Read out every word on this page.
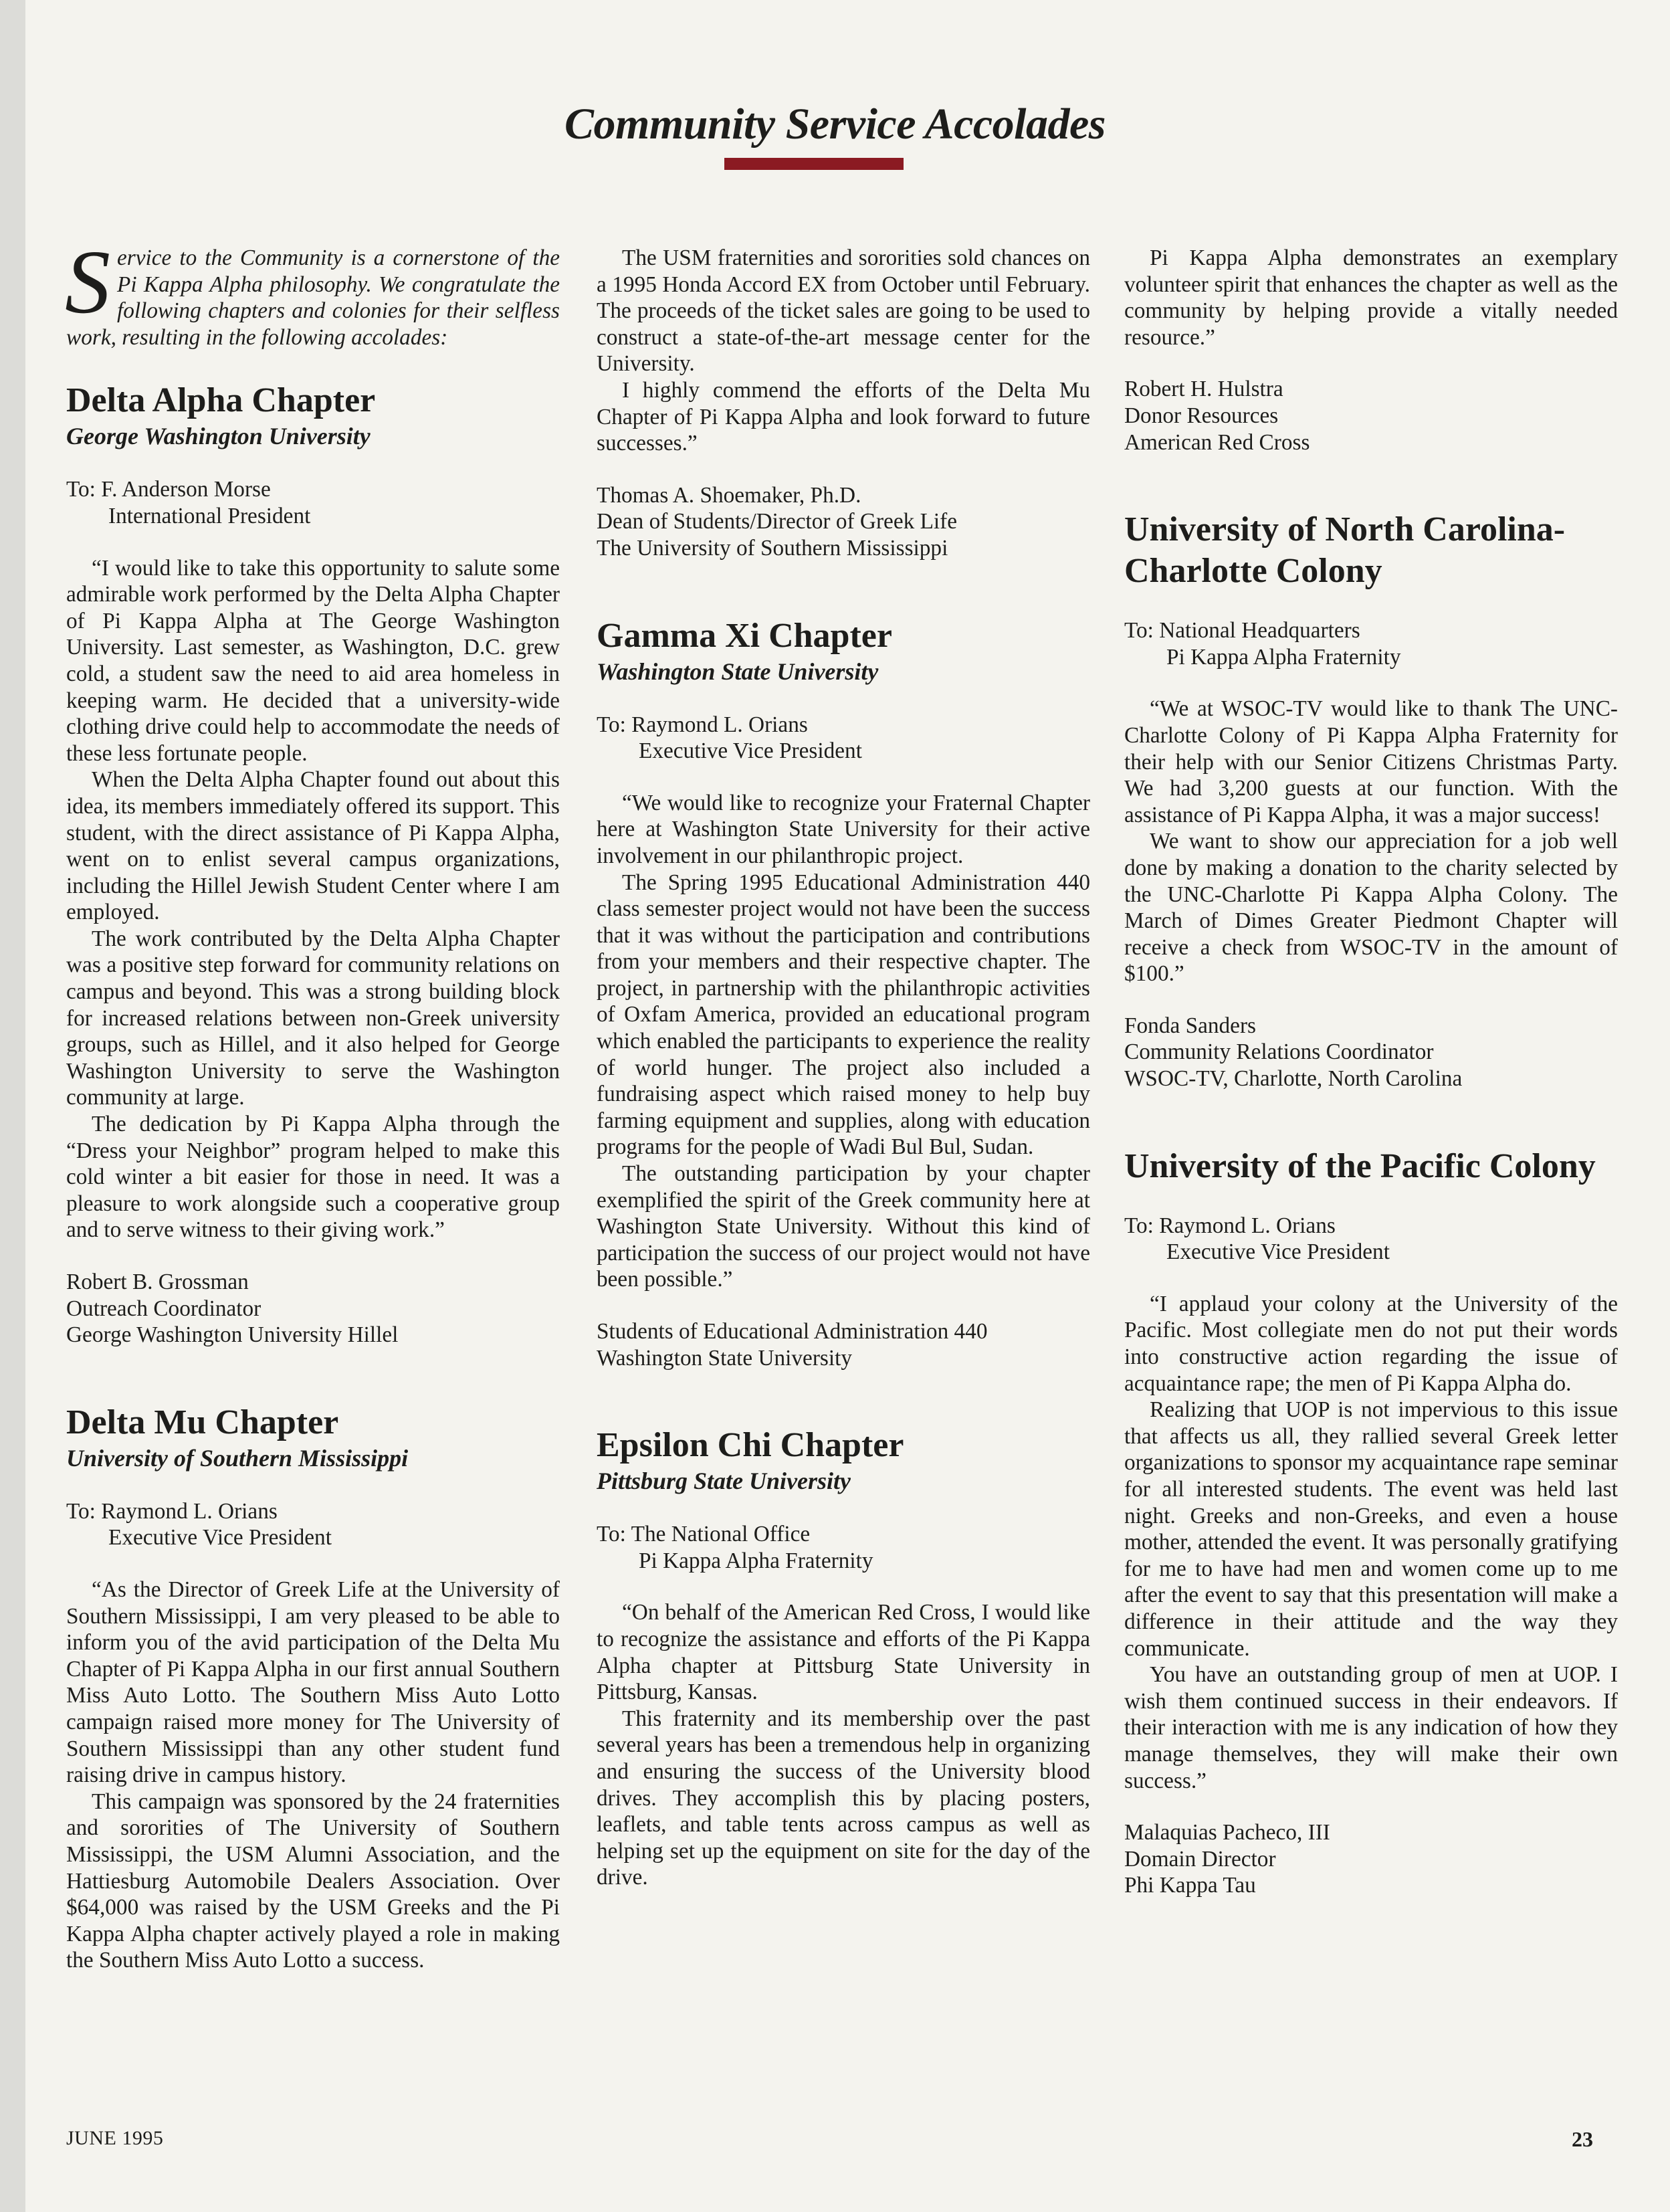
Community Service Accolades

Service to the Community is a cornerstone of the Pi Kappa Alpha philosophy. We congratulate the following chapters and colonies for their selfless work, resulting in the following accolades:

Delta Alpha Chapter

George Washington University

To: F. Anderson Morse
International President

“I would like to take this opportunity to salute some admirable work performed by the Delta Alpha Chapter of Pi Kappa Alpha at The George Washington University. Last semester, as Washington, D.C. grew cold, a student saw the need to aid area homeless in keeping warm. He decided that a university-wide clothing drive could help to accommodate the needs of these less fortunate people.

When the Delta Alpha Chapter found out about this idea, its members immediately offered its support. This student, with the direct assistance of Pi Kappa Alpha, went on to enlist several campus organizations, including the Hillel Jewish Student Center where I am employed.

The work contributed by the Delta Alpha Chapter was a positive step forward for community relations on campus and beyond. This was a strong building block for increased relations between non-Greek university groups, such as Hillel, and it also helped for George Washington University to serve the Washington community at large.

The dedication by Pi Kappa Alpha through the “Dress your Neighbor” program helped to make this cold winter a bit easier for those in need. It was a pleasure to work alongside such a cooperative group and to serve witness to their giving work.”

Robert B. Grossman
Outreach Coordinator
George Washington University Hillel
Delta Mu Chapter

University of Southern Mississippi

To: Raymond L. Orians
Executive Vice President

“As the Director of Greek Life at the University of Southern Mississippi, I am very pleased to be able to inform you of the avid participation of the Delta Mu Chapter of Pi Kappa Alpha in our first annual Southern Miss Auto Lotto. The Southern Miss Auto Lotto campaign raised more money for The University of Southern Mississippi than any other student fund raising drive in campus history.

This campaign was sponsored by the 24 fraternities and sororities of The University of Southern Mississippi, the USM Alumni Association, and the Hattiesburg Automobile Dealers Association. Over $64,000 was raised by the USM Greeks and the Pi Kappa Alpha chapter actively played a role in making the Southern Miss Auto Lotto a success.

The USM fraternities and sororities sold chances on a 1995 Honda Accord EX from October until February. The proceeds of the ticket sales are going to be used to construct a state-of-the-art message center for the University.

I highly commend the efforts of the Delta Mu Chapter of Pi Kappa Alpha and look forward to future successes.”

Thomas A. Shoemaker, Ph.D.
Dean of Students/Director of Greek Life
The University of Southern Mississippi
Gamma Xi Chapter

Washington State University

To: Raymond L. Orians
Executive Vice President

“We would like to recognize your Fraternal Chapter here at Washington State University for their active involvement in our philanthropic project.

The Spring 1995 Educational Administration 440 class semester project would not have been the success that it was without the participation and contributions from your members and their respective chapter. The project, in partnership with the philanthropic activities of Oxfam America, provided an educational program which enabled the participants to experience the reality of world hunger. The project also included a fundraising aspect which raised money to help buy farming equipment and supplies, along with education programs for the people of Wadi Bul Bul, Sudan.

The outstanding participation by your chapter exemplified the spirit of the Greek community here at Washington State University. Without this kind of participation the success of our project would not have been possible.”

Students of Educational Administration 440
Washington State University
Epsilon Chi Chapter

Pittsburg State University

To: The National Office
Pi Kappa Alpha Fraternity

“On behalf of the American Red Cross, I would like to recognize the assistance and efforts of the Pi Kappa Alpha chapter at Pittsburg State University in Pittsburg, Kansas.

This fraternity and its membership over the past several years has been a tremendous help in organizing and ensuring the success of the University blood drives. They accomplish this by placing posters, leaflets, and table tents across campus as well as helping set up the equipment on site for the day of the drive.

Pi Kappa Alpha demonstrates an exemplary volunteer spirit that enhances the chapter as well as the community by helping provide a vitally needed resource.”

Robert H. Hulstra
Donor Resources
American Red Cross
University of North Carolina-Charlotte Colony
To: National Headquarters
Pi Kappa Alpha Fraternity

“We at WSOC-TV would like to thank The UNC-Charlotte Colony of Pi Kappa Alpha Fraternity for their help with our Senior Citizens Christmas Party. We had 3,200 guests at our function. With the assistance of Pi Kappa Alpha, it was a major success!

We want to show our appreciation for a job well done by making a donation to the charity selected by the UNC-Charlotte Pi Kappa Alpha Colony. The March of Dimes Greater Piedmont Chapter will receive a check from WSOC-TV in the amount of $100.”

Fonda Sanders
Community Relations Coordinator
WSOC-TV, Charlotte, North Carolina
University of the Pacific Colony
To: Raymond L. Orians
Executive Vice President

“I applaud your colony at the University of the Pacific. Most collegiate men do not put their words into constructive action regarding the issue of acquaintance rape; the men of Pi Kappa Alpha do.

Realizing that UOP is not impervious to this issue that affects us all, they rallied several Greek letter organizations to sponsor my acquaintance rape seminar for all interested students. The event was held last night. Greeks and non-Greeks, and even a house mother, attended the event. It was personally gratifying for me to have had men and women come up to me after the event to say that this presentation will make a difference in their attitude and the way they communicate.

You have an outstanding group of men at UOP. I wish them continued success in their endeavors. If their interaction with me is any indication of how they manage themselves, they will make their own success.”

Malaquias Pacheco, III
Domain Director
Phi Kappa Tau
JUNE 1995	23
